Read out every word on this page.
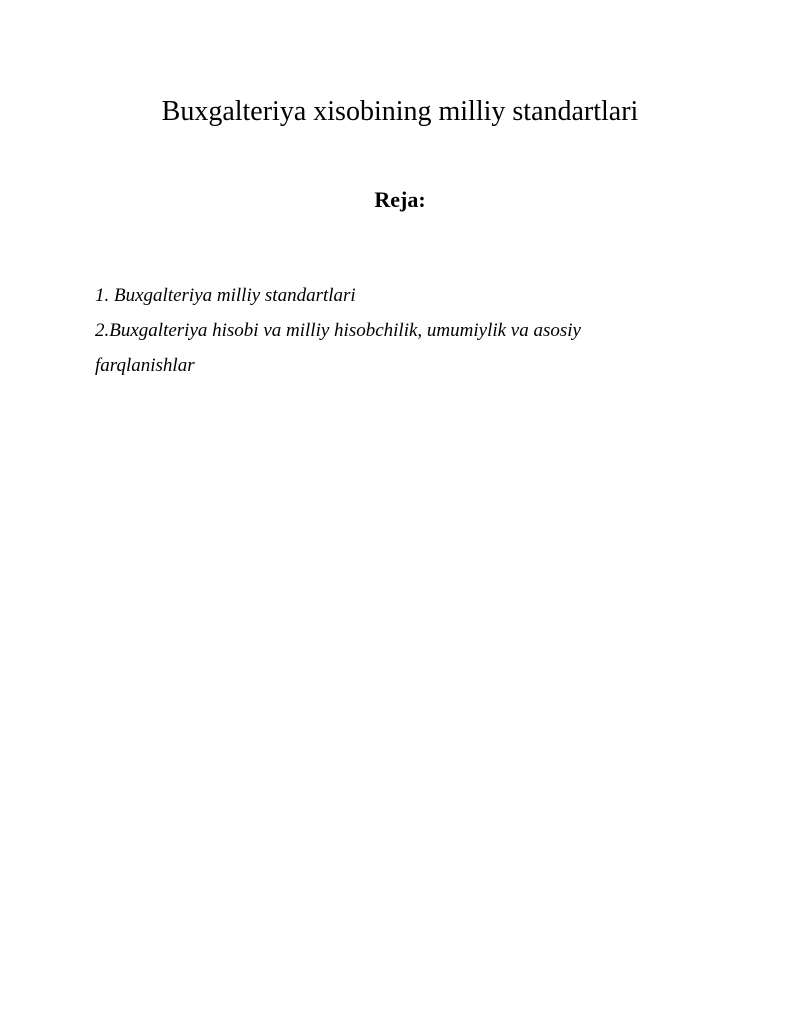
Buxgalteriya xisobining milliy standartlari
Reja:
1. Buxgalteriya milliy standartlari
2.Buxgalteriya hisobi va milliy hisobchilik, umumiylik va asosiy farqlanishlar
